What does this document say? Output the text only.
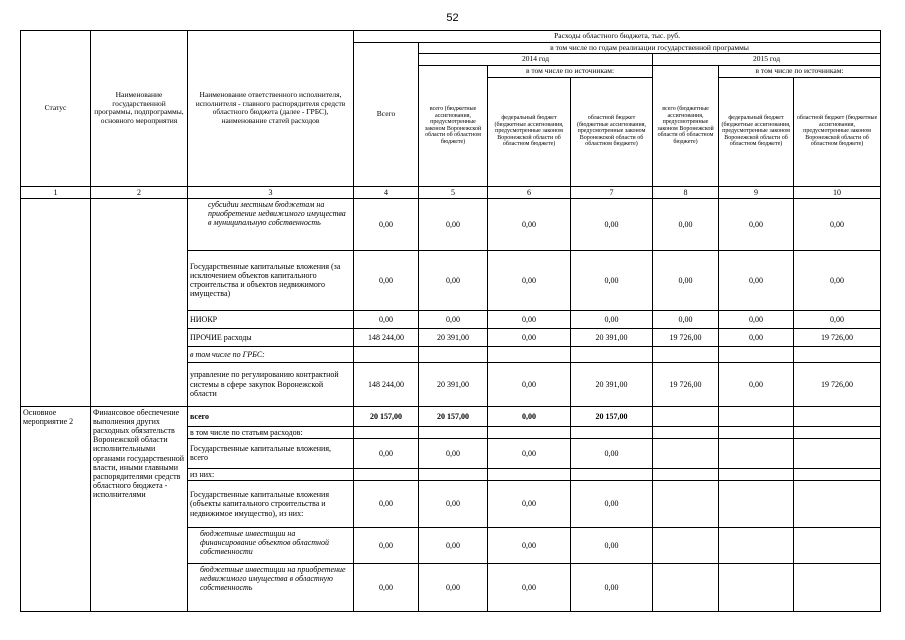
52
Статус	Наименование государственной программы, подпрограммы, основного мероприятия	Наименование ответственного исполнителя, исполнителя - главного распорядителя средств областного бюджета (далее - ГРБС), наименование статей расходов	Расходы областного бюджета, тыс. руб.						
			Всего	в том числе по годам реализации государственной программы					
				2014 год			2015 год		
				всего (бюджетные ассигнования, предусмотренные законом Воронежской области об областном бюджете)	в том числе по источникам:		всего (бюджетные ассигнования, предусмотренные законом Воронежской области об областном бюджете)	в том числе по источникам:	
					федеральный бюджет (бюджетные ассигнования, предусмотренные законом Воронежской области об областном бюджете)	областной бюджет (бюджетные ассигнования, предусмотренные законом Воронежской области об областном бюджете)		федеральный бюджет (бюджетные ассигнования, предусмотренные законом Воронежской области об областном бюджете)	областной бюджет (бюджетные ассигнования, предусмотренные законом Воронежской области об областном бюджете)
1	2	3	4	5	6	7	8	9	10
		субсидии местным бюджетам на приобретение недвижимого имущества в муниципальную собственность	0,00	0,00	0,00	0,00	0,00	0,00	0,00
		Государственные капитальные вложения (за исключением объектов капитального строительства и объектов недвижимого имущества)	0,00	0,00	0,00	0,00	0,00	0,00	0,00
		НИОКР	0,00	0,00	0,00	0,00	0,00	0,00	0,00
		ПРОЧИЕ расходы	148 244,00	20 391,00	0,00	20 391,00	19 726,00	0,00	19 726,00
		в том числе по ГРБС:							
		управление по регулированию контрактной системы в сфере закупок Воронежской области	148 244,00	20 391,00	0,00	20 391,00	19 726,00	0,00	19 726,00
Основное мероприятие 2	Финансовое обеспечение выполнения других расходных обязательств Воронежской области исполнительными органами государственной власти, иными главными распорядителями средств областного бюджета - исполнителями	всего	20 157,00	20 157,00	0,00	20 157,00			
		в том числе по статьям расходов:							
		Государственные капитальные вложения, всего	0,00	0,00	0,00	0,00			
		из них:							
		Государственные капитальные вложения (объекты капитального строительства и недвижимое имущество), из них:	0,00	0,00	0,00	0,00			
		бюджетные инвестиции на финансирование объектов областной собственности	0,00	0,00	0,00	0,00			
		бюджетные инвестиции на приобретение недвижимого имущества в областную собственность	0,00	0,00	0,00	0,00			
